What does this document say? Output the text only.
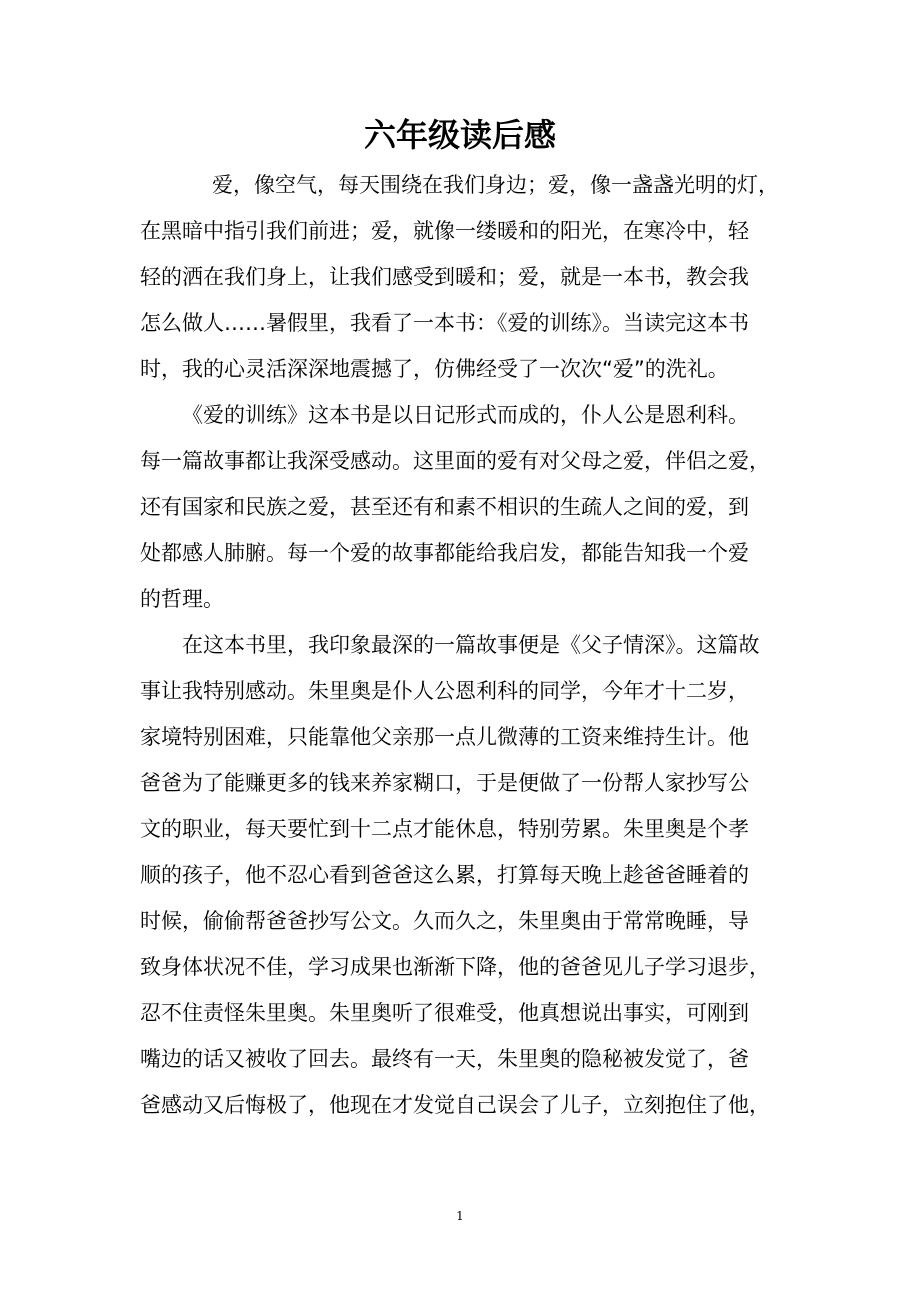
六年级读后感
爱，像空气，每天围绕在我们身边；爱，像一盏盏光明的灯，
在黑暗中指引我们前进；爱，就像一缕暖和的阳光，在寒冷中，轻
轻的洒在我们身上，让我们感受到暖和；爱，就是一本书，教会我
怎么做人……暑假里，我看了一本书：《爱的训练》。当读完这本书
时，我的心灵活深深地震撼了，仿佛经受了一次次“爱”的洗礼。
《爱的训练》这本书是以日记形式而成的，仆人公是恩利科。
每一篇故事都让我深受感动。这里面的爱有对父母之爱，伴侣之爱，
还有国家和民族之爱，甚至还有和素不相识的生疏人之间的爱，到
处都感人肺腑。每一个爱的故事都能给我启发，都能告知我一个爱
的哲理。
在这本书里，我印象最深的一篇故事便是《父子情深》。这篇故
事让我特别感动。朱里奥是仆人公恩利科的同学，今年才十二岁，
家境特别困难，只能靠他父亲那一点儿微薄的工资来维持生计。他
爸爸为了能赚更多的钱来养家糊口，于是便做了一份帮人家抄写公
文的职业，每天要忙到十二点才能休息，特别劳累。朱里奥是个孝
顺的孩子，他不忍心看到爸爸这么累，打算每天晚上趁爸爸睡着的
时候，偷偷帮爸爸抄写公文。久而久之，朱里奥由于常常晚睡，导
致身体状况不佳，学习成果也渐渐下降，他的爸爸见儿子学习退步，
忍不住责怪朱里奥。朱里奥听了很难受，他真想说出事实，可刚到
嘴边的话又被收了回去。最终有一天，朱里奥的隐秘被发觉了，爸
爸感动又后悔极了，他现在才发觉自己误会了儿子，立刻抱住了他，
1
